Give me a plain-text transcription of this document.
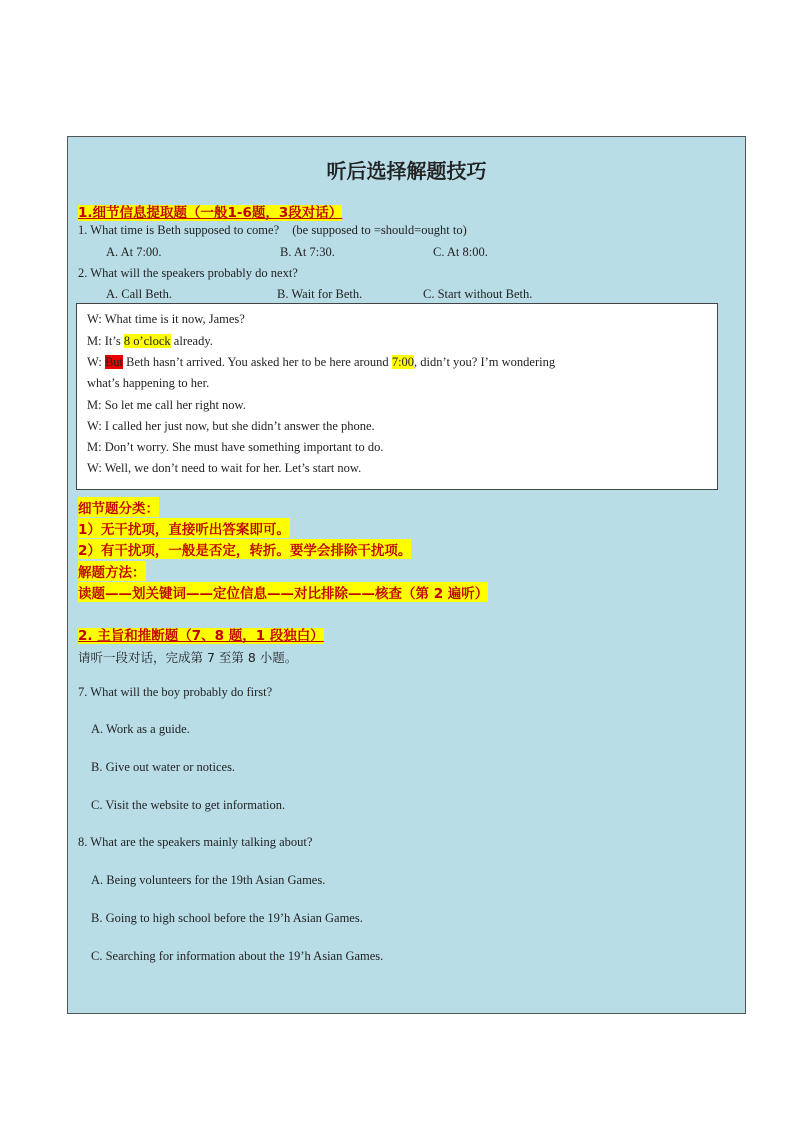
听后选择解题技巧
1.细节信息提取题（一般1-6题，3段对话）
1. What time is Beth supposed to come? (be supposed to =should=ought to)
A. At 7:00.	B. At 7:30.	C. At 8:00.
2. What will the speakers probably do next?
A. Call Beth.	B. Wait for Beth.	C. Start without Beth.
W: What time is it now, James?
M: It’s 8 o’clock already.
W: But Beth hasn’t arrived. You asked her to be here around 7:00, didn’t you? I’m wondering
what’s happening to her.
M: So let me call her right now.
W: I called her just now, but she didn’t answer the phone.
M: Don’t worry. She must have something important to do.
W: Well, we don’t need to wait for her. Let’s start now.
细节题分类：
1）无干扰项，直接听出答案即可。
2）有干扰项，一般是否定，转折。要学会排除干扰项。
解题方法：
读题——划关键词——定位信息——对比排除——核查（第 2 遍听）
2. 主旨和推断题（7、8 题，1 段独白）
请听一段对话，完成第 7 至第 8 小题。
7. What will the boy probably do first?
A. Work as a guide.
B. Give out water or notices.
C. Visit the website to get information.
8. What are the speakers mainly talking about?
A. Being volunteers for the 19th Asian Games.
B. Going to high school before the 19’h Asian Games.
C. Searching for information about the 19’h Asian Games.
